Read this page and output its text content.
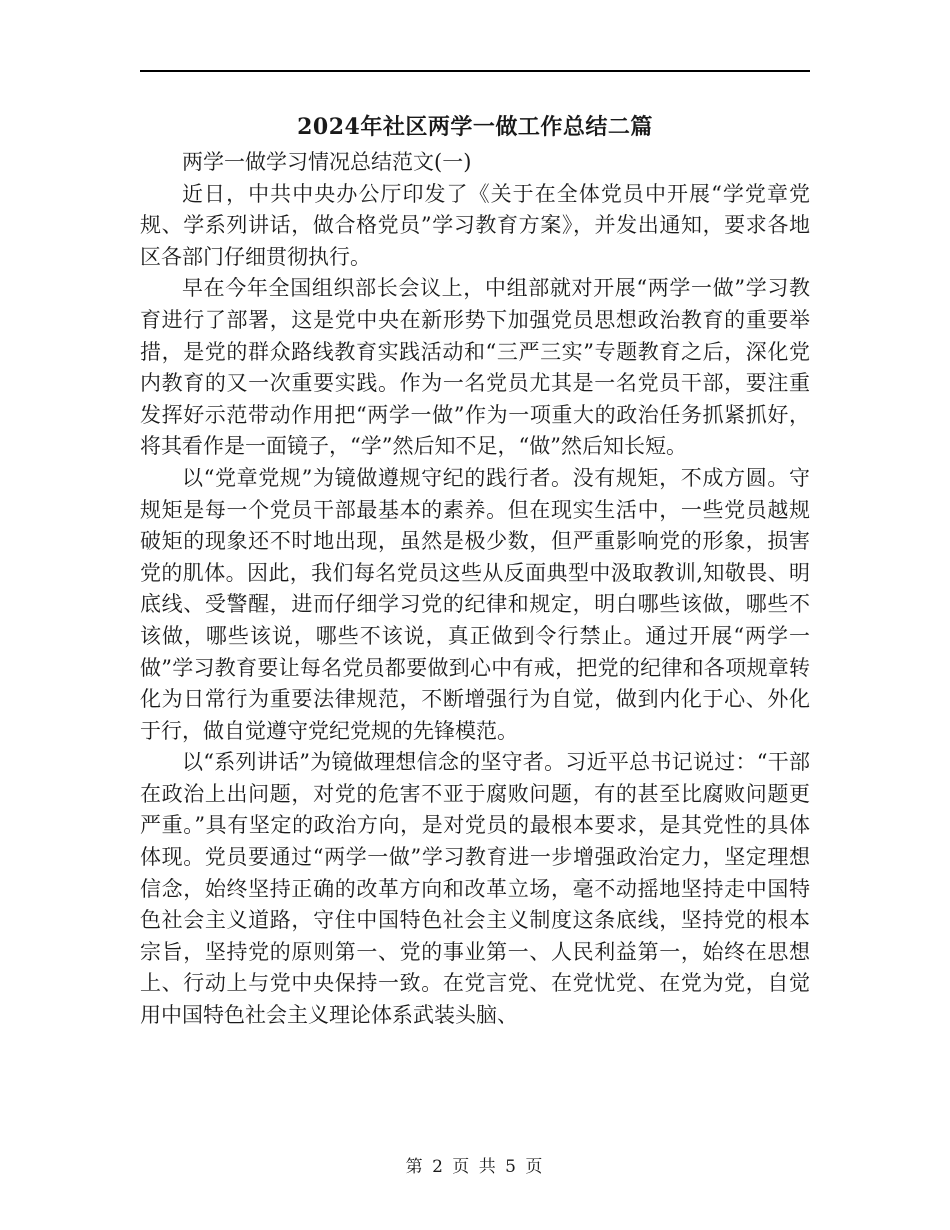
2024年社区两学一做工作总结二篇

两学一做学习情况总结范文(一)

近日，中共中央办公厅印发了《关于在全体党员中开展“学党章党规、学系列讲话，做合格党员”学习教育方案》，并发出通知，要求各地区各部门仔细贯彻执行。

早在今年全国组织部长会议上，中组部就对开展“两学一做”学习教育进行了部署，这是党中央在新形势下加强党员思想政治教育的重要举措，是党的群众路线教育实践活动和“三严三实”专题教育之后，深化党内教育的又一次重要实践。作为一名党员尤其是一名党员干部，要注重发挥好示范带动作用把“两学一做”作为一项重大的政治任务抓紧抓好，将其看作是一面镜子，“学”然后知不足，“做”然后知长短。

以“党章党规”为镜做遵规守纪的践行者。没有规矩，不成方圆。守规矩是每一个党员干部最基本的素养。但在现实生活中，一些党员越规破矩的现象还不时地出现，虽然是极少数，但严重影响党的形象，损害党的肌体。因此，我们每名党员这些从反面典型中汲取教训,知敬畏、明底线、受警醒，进而仔细学习党的纪律和规定，明白哪些该做，哪些不该做，哪些该说，哪些不该说，真正做到令行禁止。通过开展“两学一做”学习教育要让每名党员都要做到心中有戒，把党的纪律和各项规章转化为日常行为重要法律规范，不断增强行为自觉，做到内化于心、外化于行，做自觉遵守党纪党规的先锋模范。

以“系列讲话”为镜做理想信念的坚守者。习近平总书记说过：“干部在政治上出问题，对党的危害不亚于腐败问题，有的甚至比腐败问题更严重。”具有坚定的政治方向，是对党员的最根本要求，是其党性的具体体现。党员要通过“两学一做”学习教育进一步增强政治定力，坚定理想信念，始终坚持正确的改革方向和改革立场，毫不动摇地坚持走中国特色社会主义道路，守住中国特色社会主义制度这条底线，坚持党的根本宗旨，坚持党的原则第一、党的事业第一、人民利益第一，始终在思想上、行动上与党中央保持一致。在党言党、在党忧党、在党为党，自觉用中国特色社会主义理论体系武装头脑、

第 2 页 共 5 页
